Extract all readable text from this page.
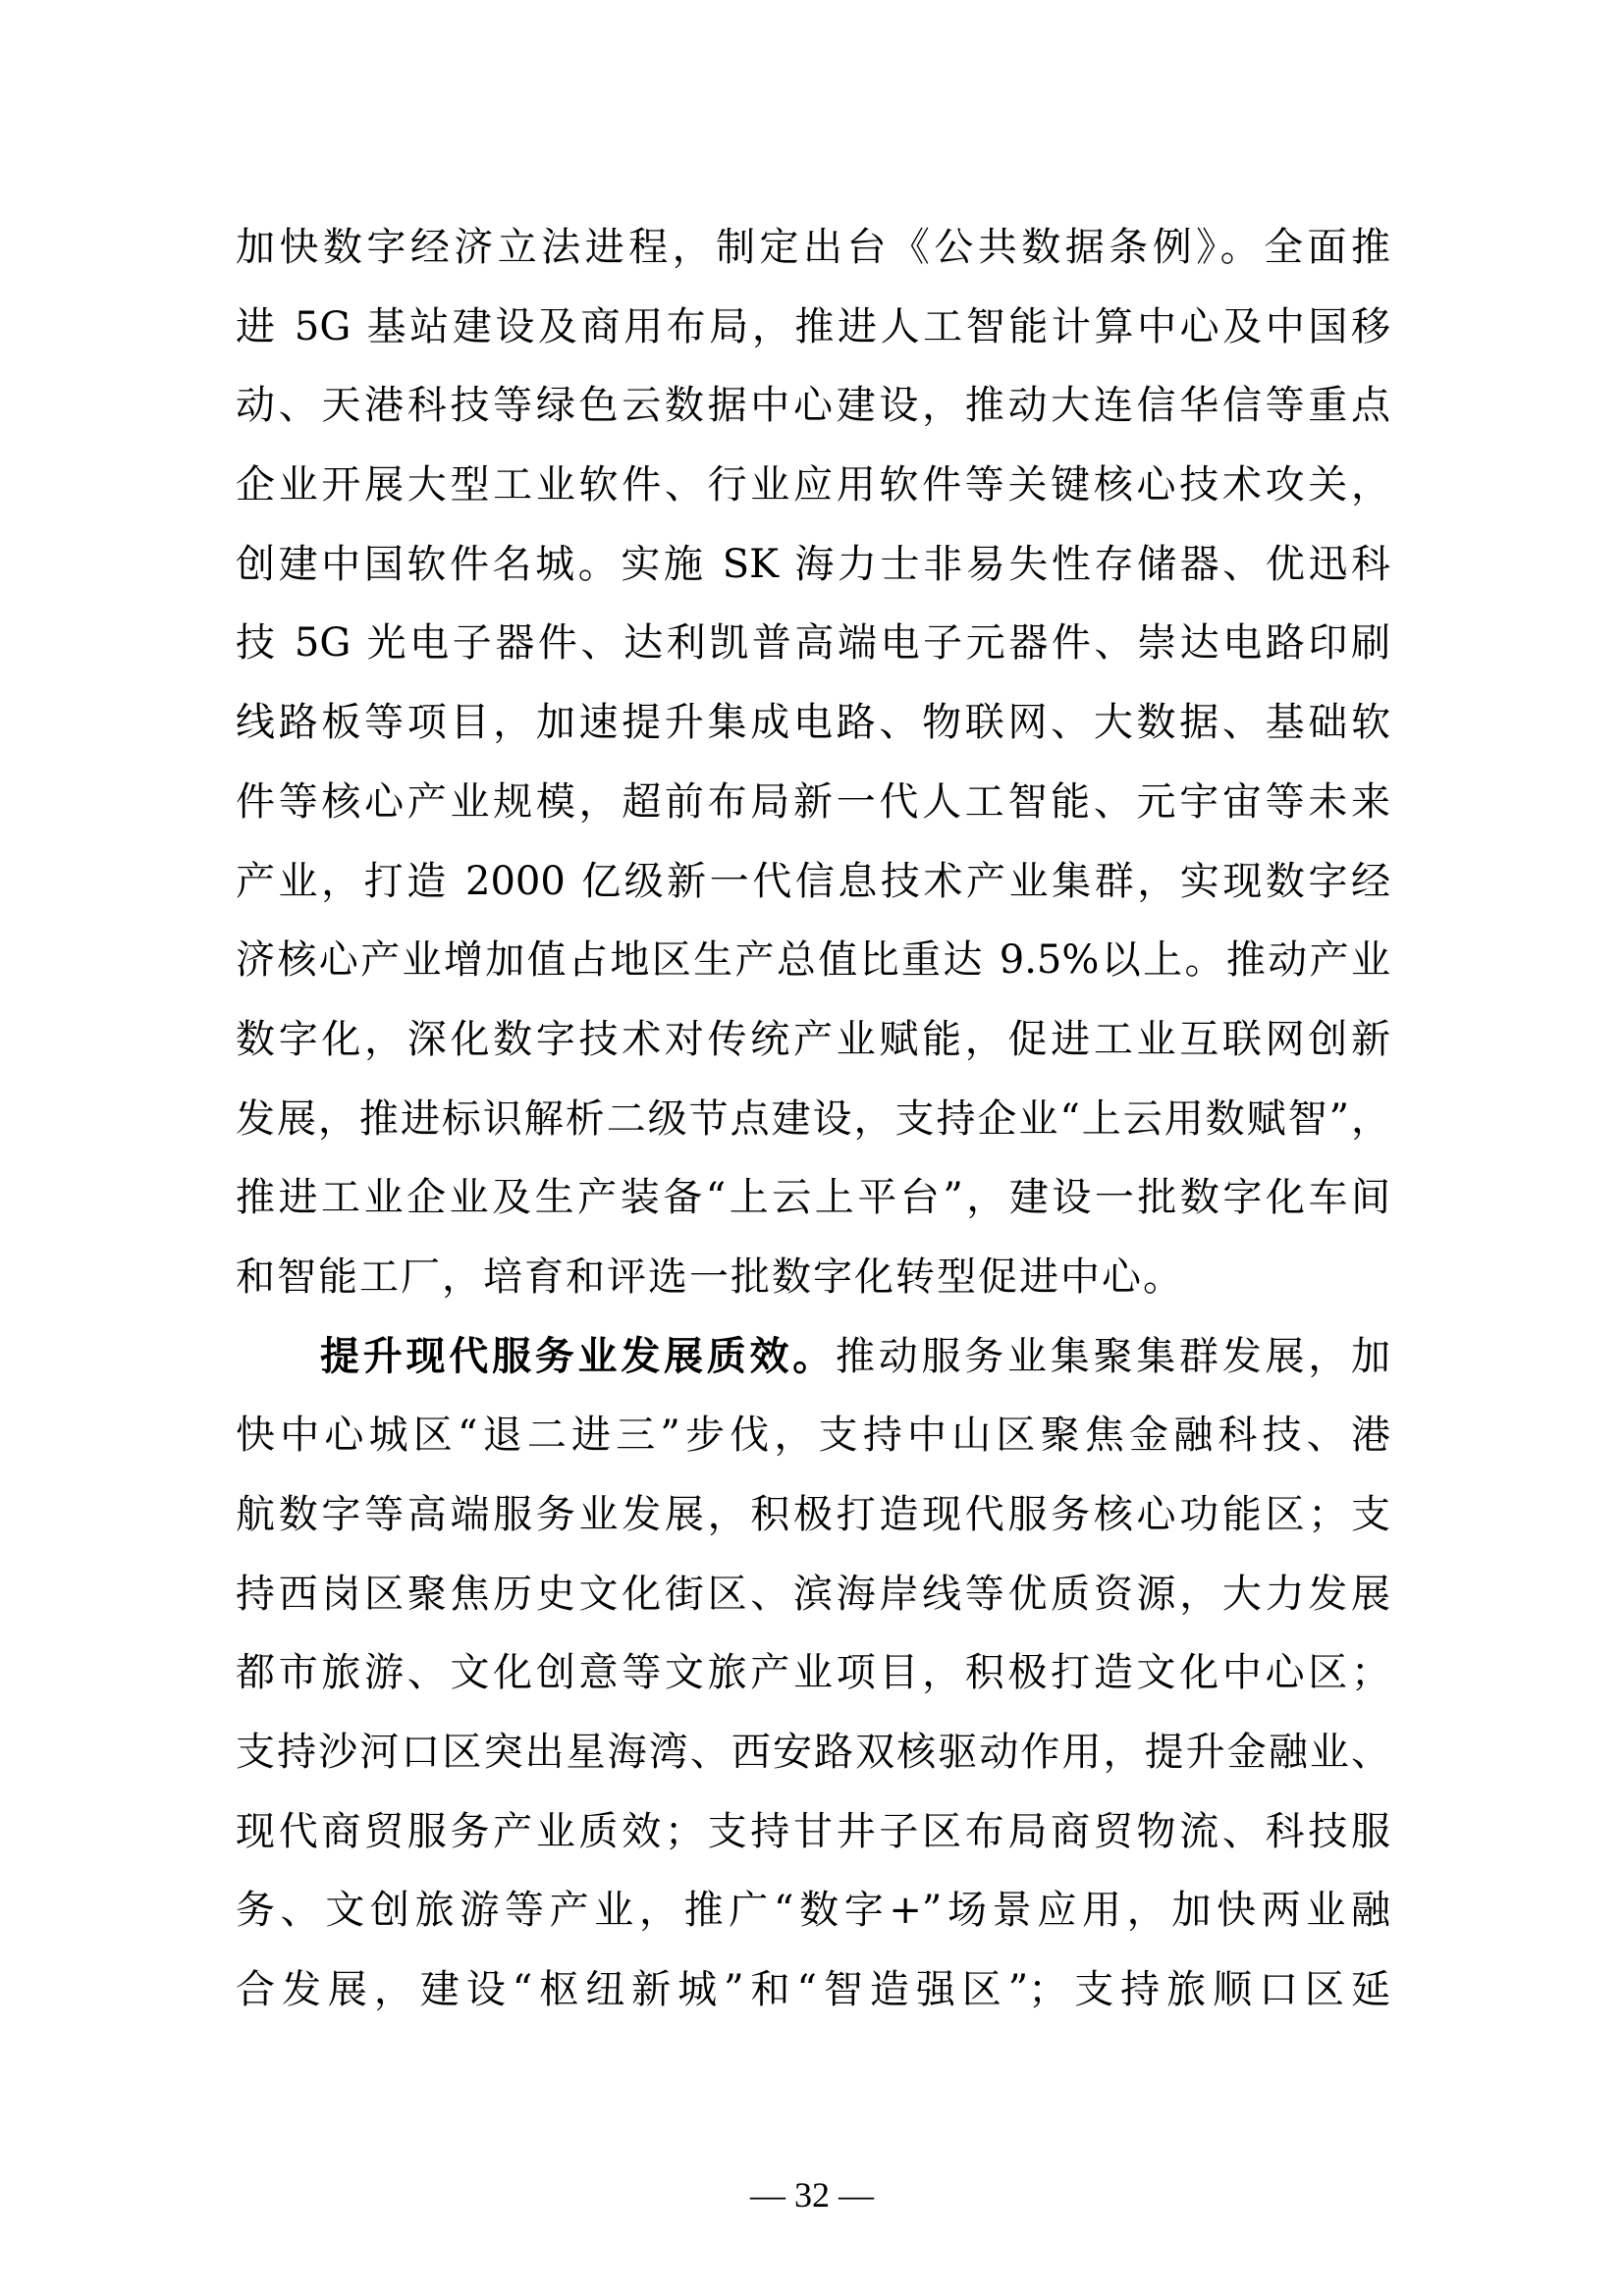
加快数字经济立法进程，制定出台《公共数据条例》。全面推
进 5G 基站建设及商用布局，推进人工智能计算中心及中国移
动、天港科技等绿色云数据中心建设，推动大连信华信等重点
企业开展大型工业软件、行业应用软件等关键核心技术攻关，
创建中国软件名城。实施 SK 海力士非易失性存储器、优迅科
技 5G 光电子器件、达利凯普高端电子元器件、崇达电路印刷
线路板等项目，加速提升集成电路、物联网、大数据、基础软
件等核心产业规模，超前布局新一代人工智能、元宇宙等未来
产业，打造 2000 亿级新一代信息技术产业集群，实现数字经
济核心产业增加值占地区生产总值比重达 9.5%以上。推动产业
数字化，深化数字技术对传统产业赋能，促进工业互联网创新
发展，推进标识解析二级节点建设，支持企业“上云用数赋智”，
推进工业企业及生产装备“上云上平台”，建设一批数字化车间
和智能工厂，培育和评选一批数字化转型促进中心。
提升现代服务业发展质效。推动服务业集聚集群发展，加
快中心城区“退二进三”步伐，支持中山区聚焦金融科技、港
航数字等高端服务业发展，积极打造现代服务核心功能区；支
持西岗区聚焦历史文化街区、滨海岸线等优质资源，大力发展
都市旅游、文化创意等文旅产业项目，积极打造文化中心区；
支持沙河口区突出星海湾、西安路双核驱动作用，提升金融业、
现代商贸服务产业质效；支持甘井子区布局商贸物流、科技服
务、文创旅游等产业，推广“数字+”场景应用，加快两业融
合发展，建设“枢纽新城”和“智造强区”；支持旅顺口区延
— 32 —
